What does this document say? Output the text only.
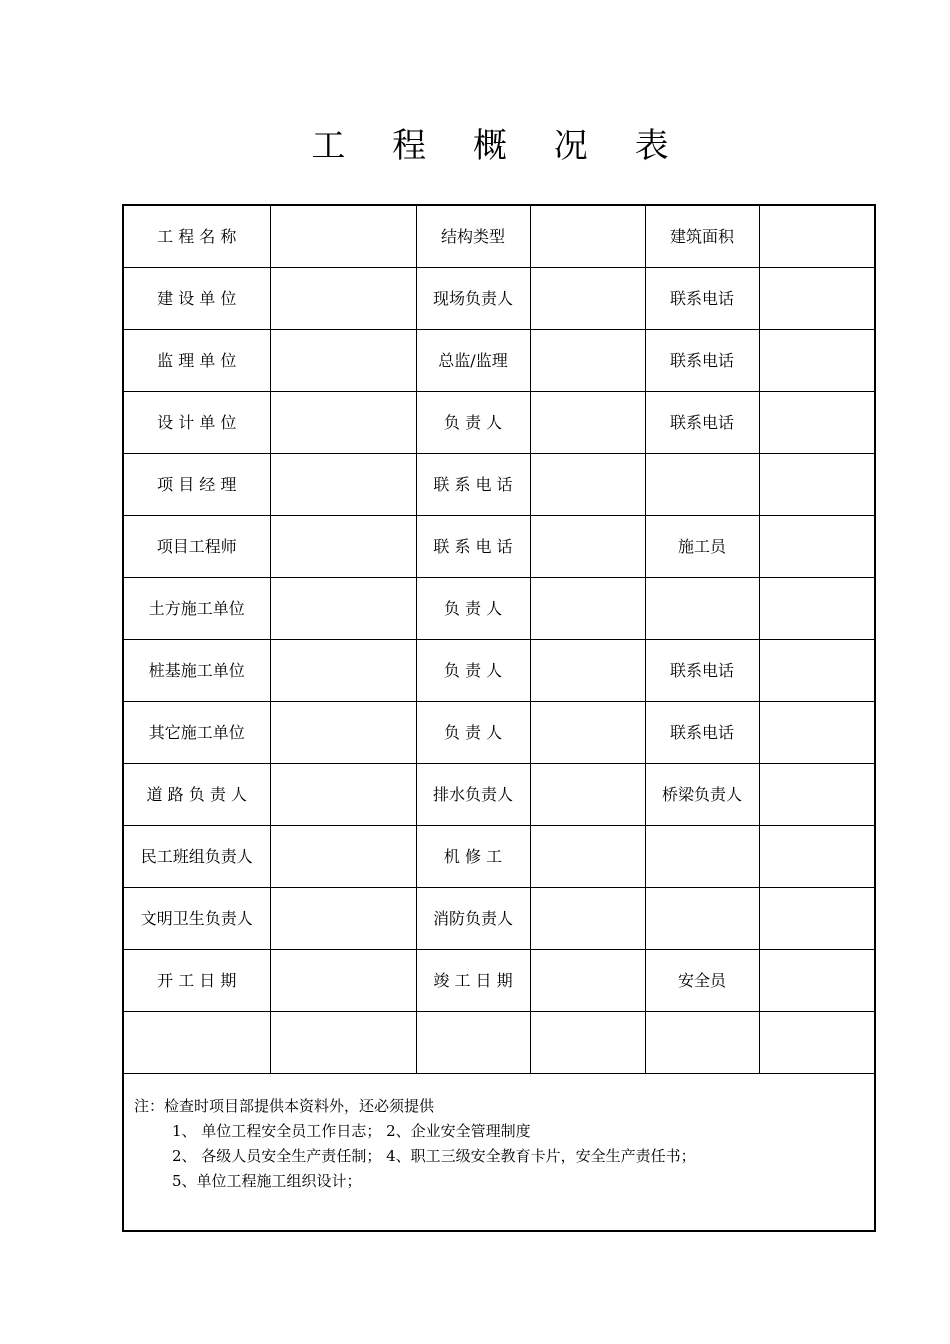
工 程 概 况 表
工 程 名 称		结构类型		建筑面积	
建 设 单 位		现场负责人		联系电话	
监 理 单 位		总监/监理		联系电话	
设 计 单 位		负 责 人		联系电话	
项 目 经 理		联 系 电 话			
项目工程师		联 系 电 话		施工员	
土方施工单位		负 责 人			
桩基施工单位		负 责 人		联系电话	
其它施工单位		负 责 人		联系电话	
道 路 负 责 人		排水负责人		桥梁负责人	
民工班组负责人		机 修 工			
文明卫生负责人		消防负责人			
开 工 日 期		竣 工 日 期		安全员	

注：检查时项目部提供本资料外，还必须提供
1、 单位工程安全员工作日志； 2、企业安全管理制度
2、 各级人员安全生产责任制； 4、职工三级安全教育卡片，安全生产责任书；
5、单位工程施工组织设计；					
